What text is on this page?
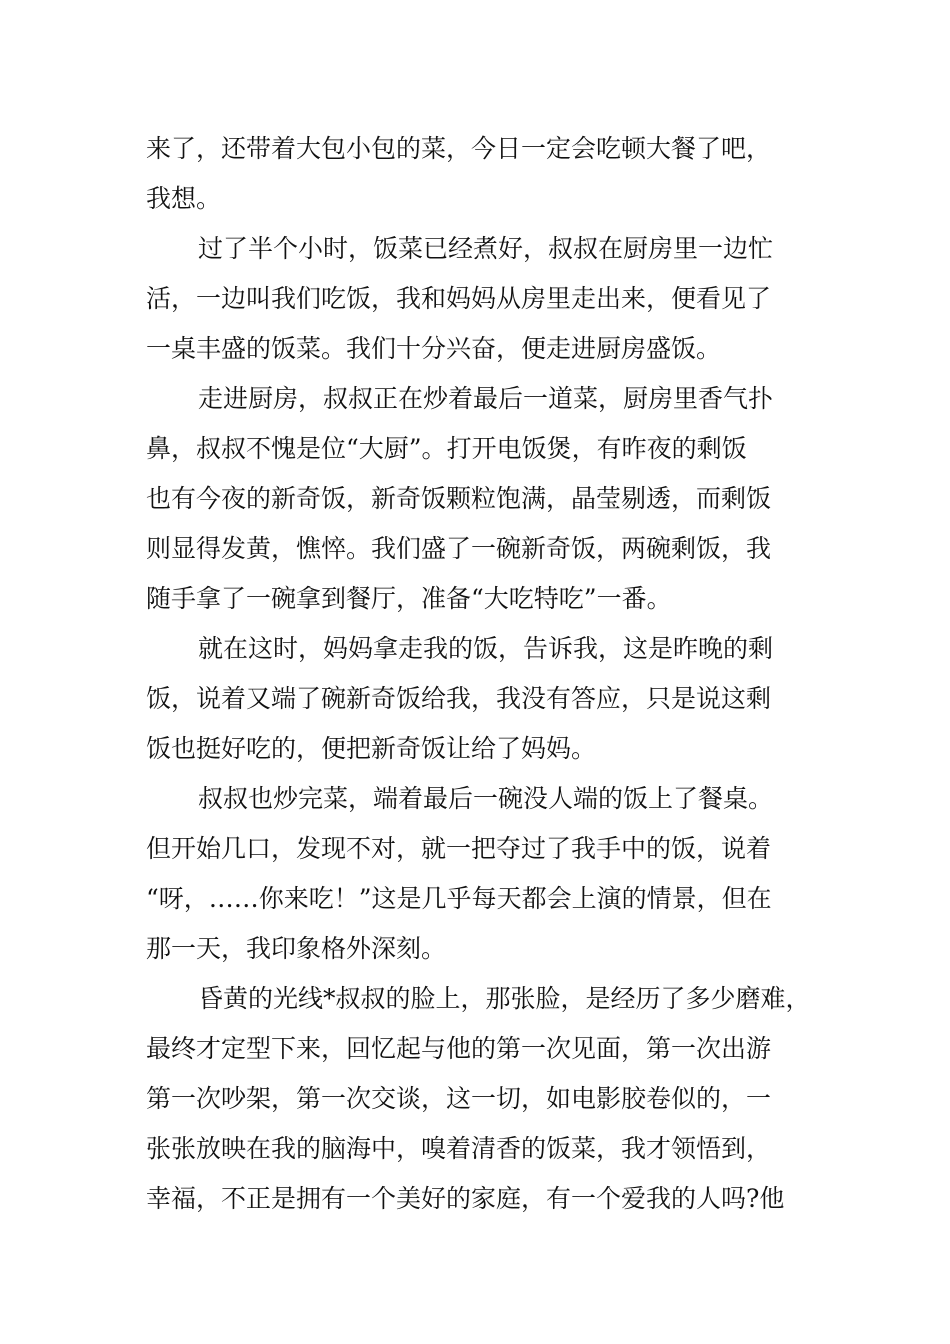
来了，还带着大包小包的菜，今日一定会吃顿大餐了吧，
我想。
过了半个小时，饭菜已经煮好，叔叔在厨房里一边忙
活，一边叫我们吃饭，我和妈妈从房里走出来，便看见了
一桌丰盛的饭菜。我们十分兴奋，便走进厨房盛饭。
走进厨房，叔叔正在炒着最后一道菜，厨房里香气扑
鼻，叔叔不愧是位“大厨”。打开电饭煲，有昨夜的剩饭
也有今夜的新奇饭，新奇饭颗粒饱满，晶莹剔透，而剩饭
则显得发黄，憔悴。我们盛了一碗新奇饭，两碗剩饭，我
随手拿了一碗拿到餐厅，准备“大吃特吃”一番。
就在这时，妈妈拿走我的饭，告诉我，这是昨晚的剩
饭，说着又端了碗新奇饭给我，我没有答应，只是说这剩
饭也挺好吃的，便把新奇饭让给了妈妈。
叔叔也炒完菜，端着最后一碗没人端的饭上了餐桌。
但开始几口，发现不对，就一把夺过了我手中的饭，说着
“呀，……你来吃！”这是几乎每天都会上演的情景，但在
那一天，我印象格外深刻。
昏黄的光线*叔叔的脸上，那张脸，是经历了多少磨难，
最终才定型下来，回忆起与他的第一次见面，第一次出游
第一次吵架，第一次交谈，这一切，如电影胶卷似的，一
张张放映在我的脑海中，嗅着清香的饭菜，我才领悟到，
幸福，不正是拥有一个美好的家庭，有一个爱我的人吗?他
